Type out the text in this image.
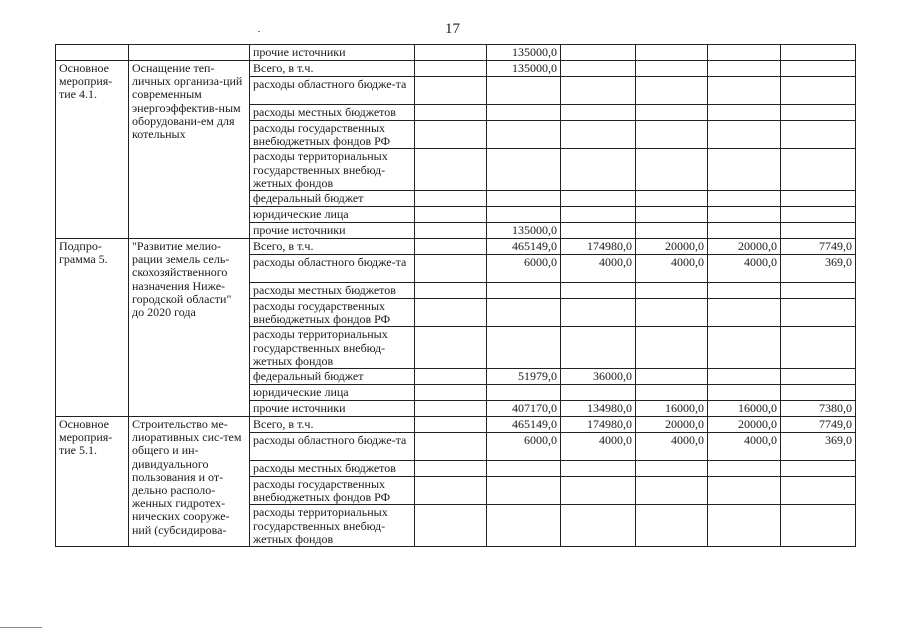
17
		прочие источники		135000,0				
Основное мероприя-тие 4.1.	Оснащение теп-личных организа-ций современным энергоэффектив-ным оборудовани-ем для котельных	Всего, в т.ч.		135000,0				
		расходы областного бюдже-та						
		расходы местных бюджетов						
		расходы государственных внебюджетных фондов РФ						
		расходы территориальных государственных внебюд-жетных фондов						
		федеральный бюджет						
		юридические лица						
		прочие источники		135000,0				
Подпро-грамма 5.	"Развитие мелио-рации земель сель-скохозяйственного назначения Ниже-городской области" до 2020 года	Всего, в т.ч.		465149,0	174980,0	20000,0	20000,0	7749,0
		расходы областного бюдже-та		6000,0	4000,0	4000,0	4000,0	369,0
		расходы местных бюджетов						
		расходы государственных внебюджетных фондов РФ						
		расходы территориальных государственных внебюд-жетных фондов						
		федеральный бюджет		51979,0	36000,0			
		юридические лица						
		прочие источники		407170,0	134980,0	16000,0	16000,0	7380,0
Основное мероприя-тие 5.1.	Строительство ме-лиоративных сис-тем общего и ин-дивидуального пользования и от-дельно располо-женных гидротех-нических сооруже-ний (субсидирова-	Всего, в т.ч.		465149,0	174980,0	20000,0	20000,0	7749,0
		расходы областного бюдже-та		6000,0	4000,0	4000,0	4000,0	369,0
		расходы местных бюджетов						
		расходы государственных внебюджетных фондов РФ						
		расходы территориальных государственных внебюд-жетных фондов						
